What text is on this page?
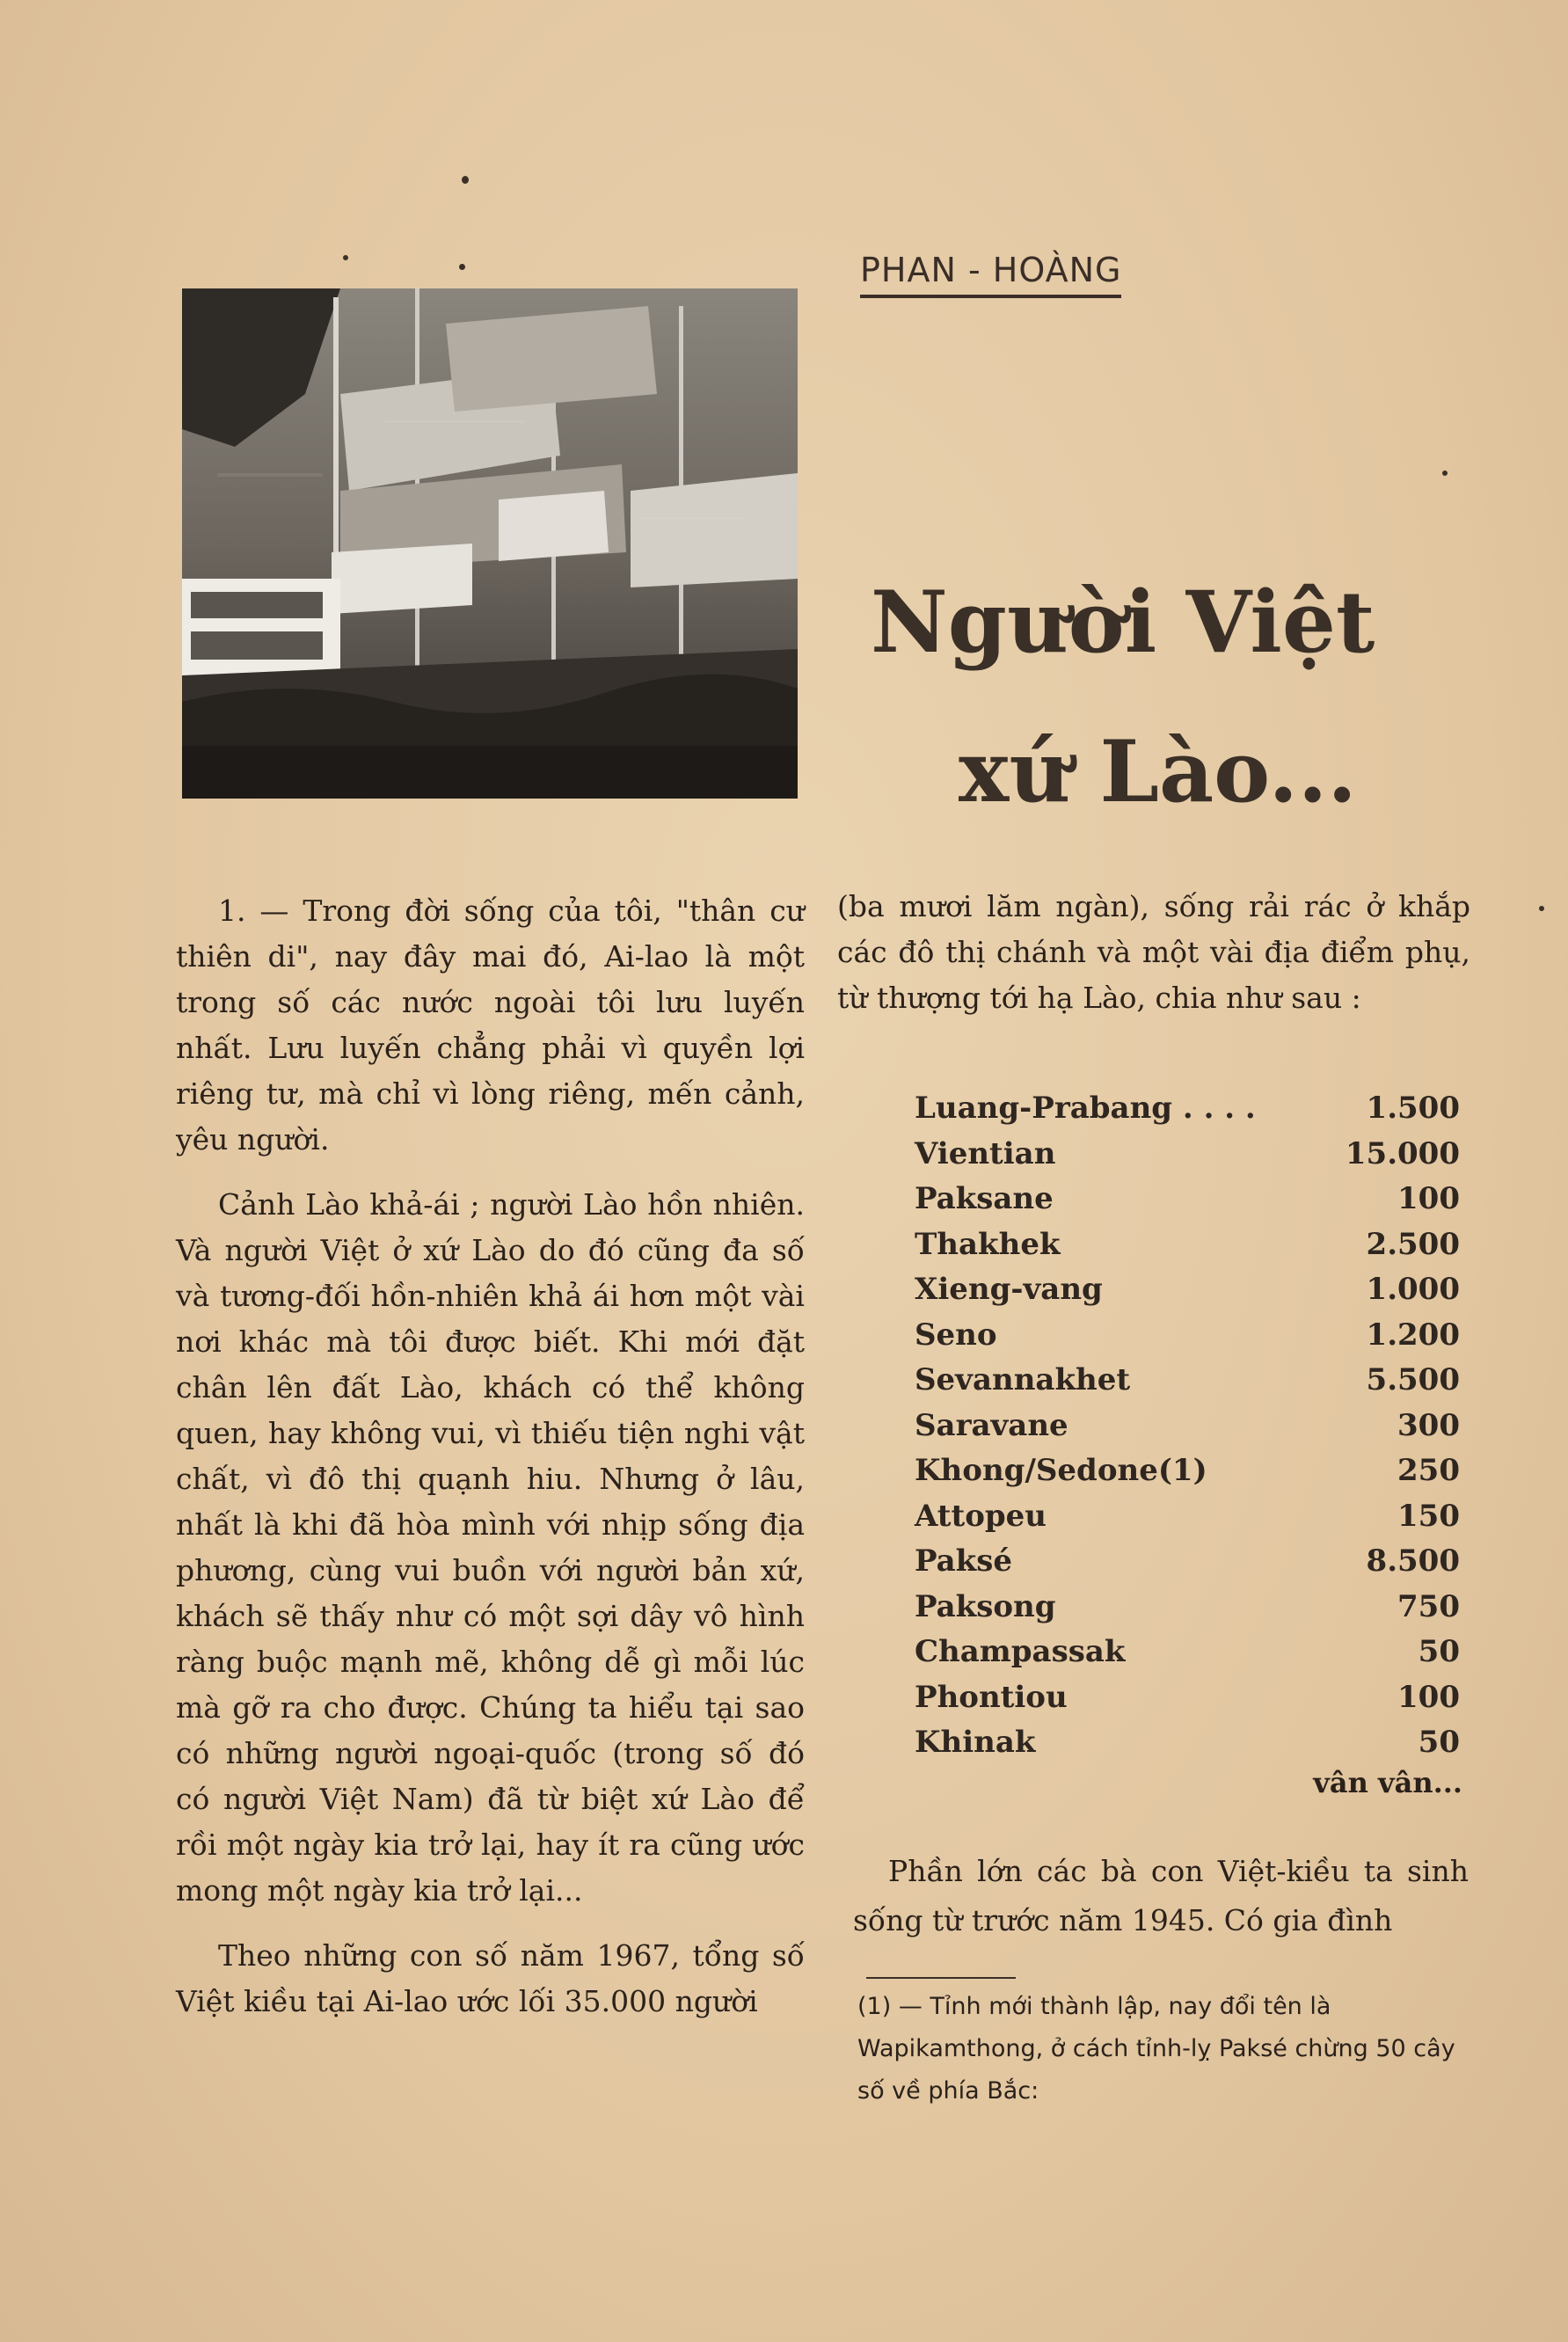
PHAN - HOÀNG
Người Việt
xứ Lào...

1. — Trong đời sống của tôi, "thân cư thiên di", nay đây mai đó, Ai-lao là một trong số các nước ngoài tôi lưu luyến nhất. Lưu luyến chẳng phải vì quyền lợi riêng tư, mà chỉ vì lòng riêng, mến cảnh, yêu người.

Cảnh Lào khả-ái ; người Lào hồn nhiên. Và người Việt ở xứ Lào do đó cũng đa số và tương-đối hồn-nhiên khả ái hơn một vài nơi khác mà tôi được biết. Khi mới đặt chân lên đất Lào, khách có thể không quen, hay không vui, vì thiếu tiện nghi vật chất, vì đô thị quạnh hiu. Nhưng ở lâu, nhất là khi đã hòa mình với nhịp sống địa phương, cùng vui buồn với người bản xứ, khách sẽ thấy như có một sợi dây vô hình ràng buộc mạnh mẽ, không dễ gì mỗi lúc mà gỡ ra cho được. Chúng ta hiểu tại sao có những người ngoại-quốc (trong số đó có người Việt Nam) đã từ biệt xứ Lào để rồi một ngày kia trở lại, hay ít ra cũng ước mong một ngày kia trở lại...

Theo những con số năm 1967, tổng số Việt kiều tại Ai-lao ước lối 35.000 người

(ba mươi lăm ngàn), sống rải rác ở khắp các đô thị chánh và một vài địa điểm phụ, từ thượng tới hạ Lào, chia như sau :

Luang-Prabang . . . .	1.500
Vientian	15.000
Paksane	100
Thakhek	2.500
Xieng-vang	1.000
Seno	1.200
Sevannakhet	5.500
Saravane	300
Khong/Sedone(1)	250
Attopeu	150
Paksé	8.500
Paksong	750
Champassak	50
Phontiou	100
Khinak	50
vân vân...
Phần lớn các bà con Việt-kiều ta sinh sống từ trước năm 1945. Có gia đình
(1) — Tỉnh mới thành lập, nay đổi tên là Wapikamthong, ở cách tỉnh-lỵ Paksé chừng 50 cây số về phía Bắc:
